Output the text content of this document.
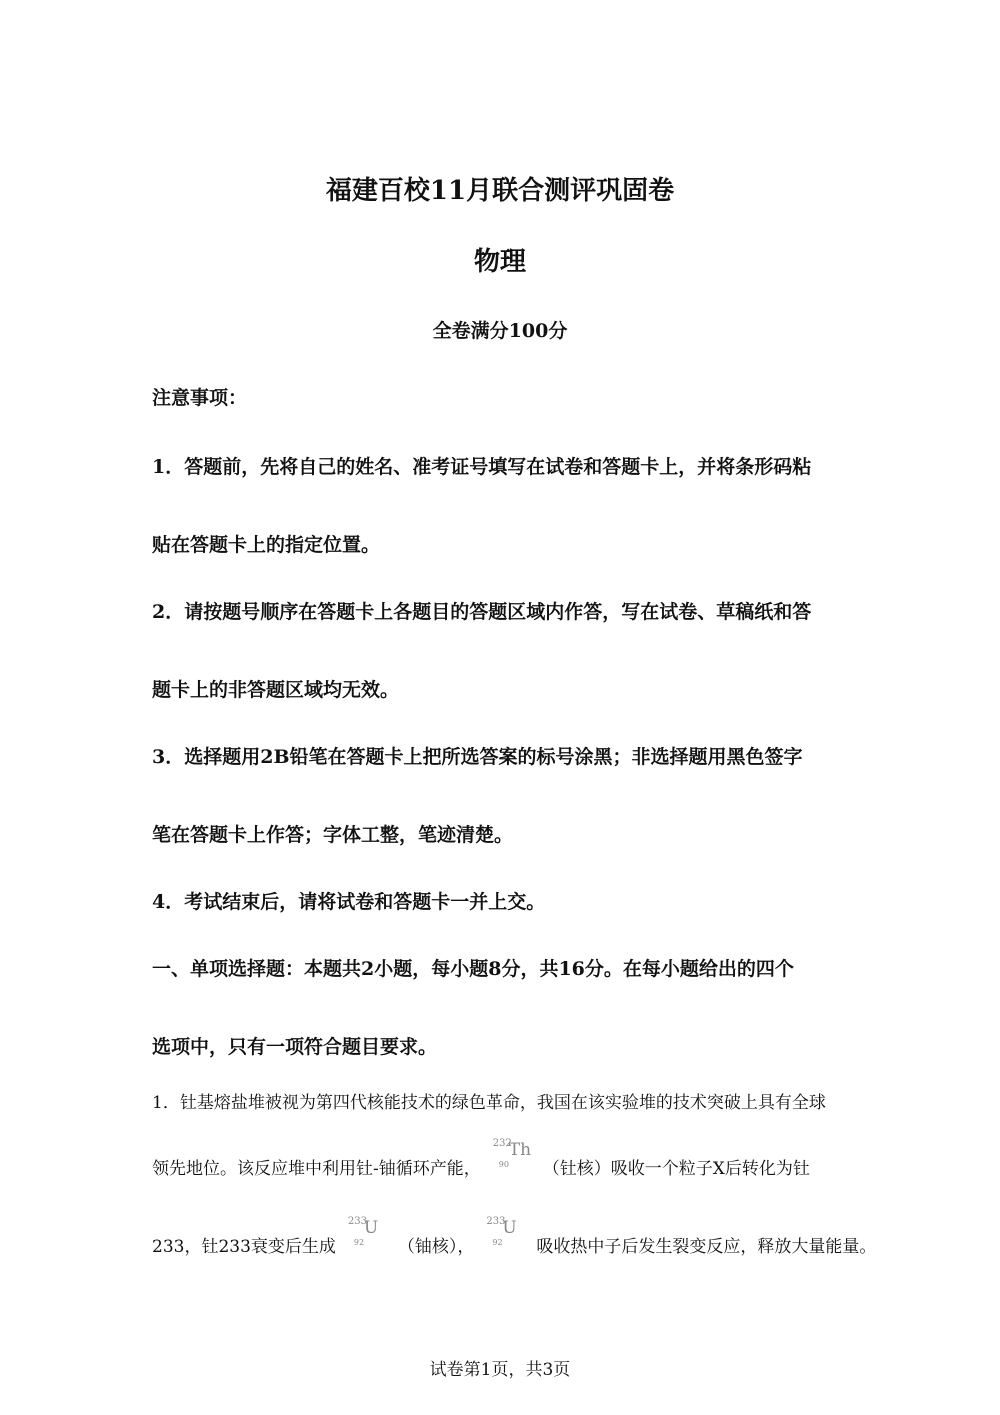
福建百校11月联合测评巩固卷
物理
全卷满分100分
注意事项：
1．答题前，先将自己的姓名、准考证号填写在试卷和答题卡上，并将条形码粘
贴在答题卡上的指定位置。
2．请按题号顺序在答题卡上各题目的答题区域内作答，写在试卷、草稿纸和答
题卡上的非答题区域均无效。
3．选择题用2B铅笔在答题卡上把所选答案的标号涂黑；非选择题用黑色签字
笔在答题卡上作答；字体工整，笔迹清楚。
4．考试结束后，请将试卷和答题卡一并上交。
一、单项选择题：本题共2小题，每小题8分，共16分。在每小题给出的四个
选项中，只有一项符合题目要求。
1．钍基熔盐堆被视为第四代核能技术的绿色革命，我国在该实验堆的技术突破上具有全球
领先地位。该反应堆中利用钍-铀循环产能，
232
90
Th
（钍核）吸收一个粒子X后转化为钍
233，钍233衰变后生成
233
92
U
（铀核），
233
92
U
吸收热中子后发生裂变反应，释放大量能量。
试卷第1页，共3页
